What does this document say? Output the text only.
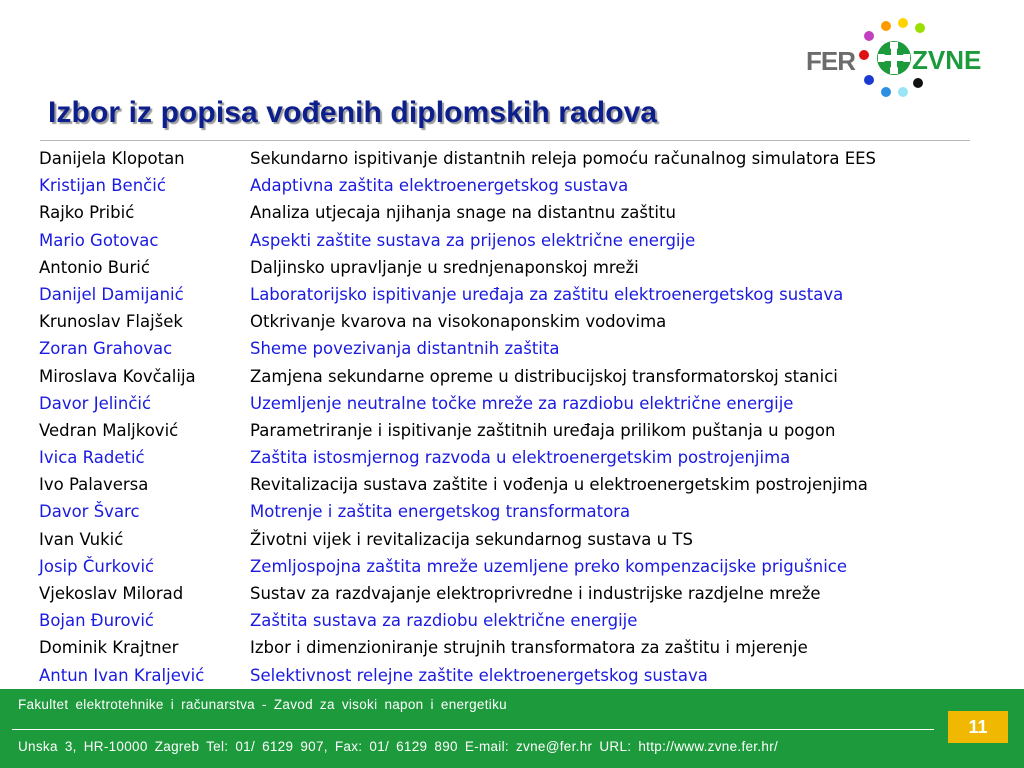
FER ZVNE
Izbor iz popisa vođenih diplomskih radova
Danijela Klopotan	Sekundarno ispitivanje distantnih releja pomoću računalnog simulatora EES
Kristijan Benčić	Adaptivna zaštita elektroenergetskog sustava
Rajko Pribić	Analiza utjecaja njihanja snage na distantnu zaštitu
Mario Gotovac	Aspekti zaštite sustava za prijenos električne energije
Antonio Burić	Daljinsko upravljanje u srednjenaponskoj mreži
Danijel Damijanić	Laboratorijsko ispitivanje uređaja za zaštitu elektroenergetskog sustava
Krunoslav Flajšek	Otkrivanje kvarova na visokonaponskim vodovima
Zoran Grahovac	Sheme povezivanja distantnih zaštita
Miroslava Kovčalija	Zamjena sekundarne opreme u distribucijskoj transformatorskoj stanici
Davor Jelinčić	Uzemljenje neutralne točke mreže za razdiobu električne energije
Vedran Maljković	Parametriranje i ispitivanje zaštitnih uređaja prilikom puštanja u pogon
Ivica Radetić	Zaštita istosmjernog razvoda u elektroenergetskim postrojenjima
Ivo Palaversa	Revitalizacija sustava zaštite i vođenja u elektroenergetskim postrojenjima
Davor Švarc	Motrenje i zaštita energetskog transformatora
Ivan Vukić	Životni vijek i revitalizacija sekundarnog sustava u TS
Josip Čurković	Zemljospojna zaštita mreže uzemljene preko kompenzacijske prigušnice
Vjekoslav Milorad	Sustav za razdvajanje elektroprivredne i industrijske razdjelne mreže
Bojan Đurović	Zaštita sustava za razdiobu električne energije
Dominik Krajtner	Izbor i dimenzioniranje strujnih transformatora za zaštitu i mjerenje
Antun Ivan Kraljević	Selektivnost relejne zaštite elektroenergetskog sustava
Fakultet elektrotehnike i računarstva - Zavod za visoki napon i energetiku
Unska 3, HR-10000 Zagreb Tel: 01/ 6129 907, Fax: 01/ 6129 890 E-mail: zvne@fer.hr URL: http://www.zvne.fer.hr/
11
